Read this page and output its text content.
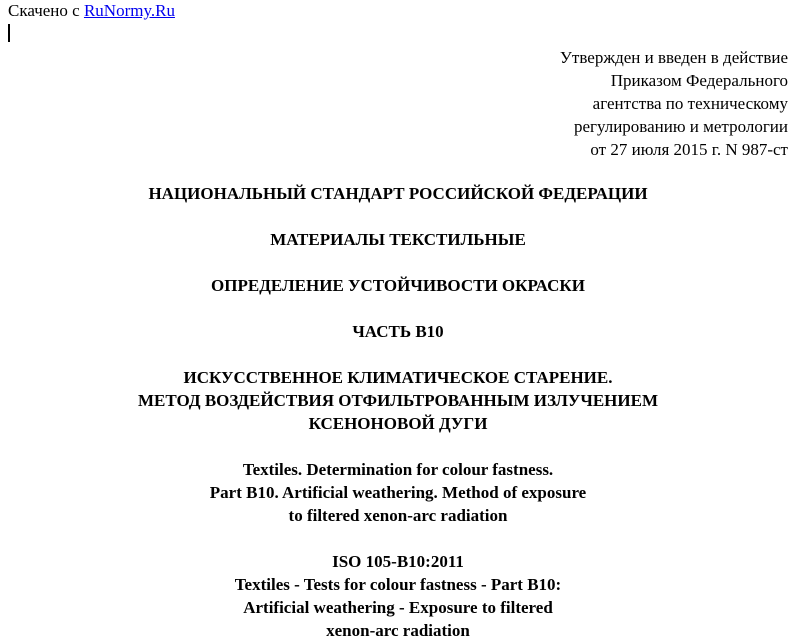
Скачено с RuNormy.Ru
Утвержден и введен в действие
Приказом Федерального
агентства по техническому
регулированию и метрологии
от 27 июля 2015 г. N 987-ст
НАЦИОНАЛЬНЫЙ СТАНДАРТ РОССИЙСКОЙ ФЕДЕРАЦИИ
МАТЕРИАЛЫ ТЕКСТИЛЬНЫЕ
ОПРЕДЕЛЕНИЕ УСТОЙЧИВОСТИ ОКРАСКИ
ЧАСТЬ B10
ИСКУССТВЕННОЕ КЛИМАТИЧЕСКОЕ СТАРЕНИЕ.
МЕТОД ВОЗДЕЙСТВИЯ ОТФИЛЬТРОВАННЫМ ИЗЛУЧЕНИЕМ
КСЕНОНОВОЙ ДУГИ
Textiles. Determination for colour fastness.
Part B10. Artificial weathering. Method of exposure
to filtered xenon-arc radiation
ISO 105-B10:2011
Textiles - Tests for colour fastness - Part B10:
Artificial weathering - Exposure to filtered
xenon-arc radiation
